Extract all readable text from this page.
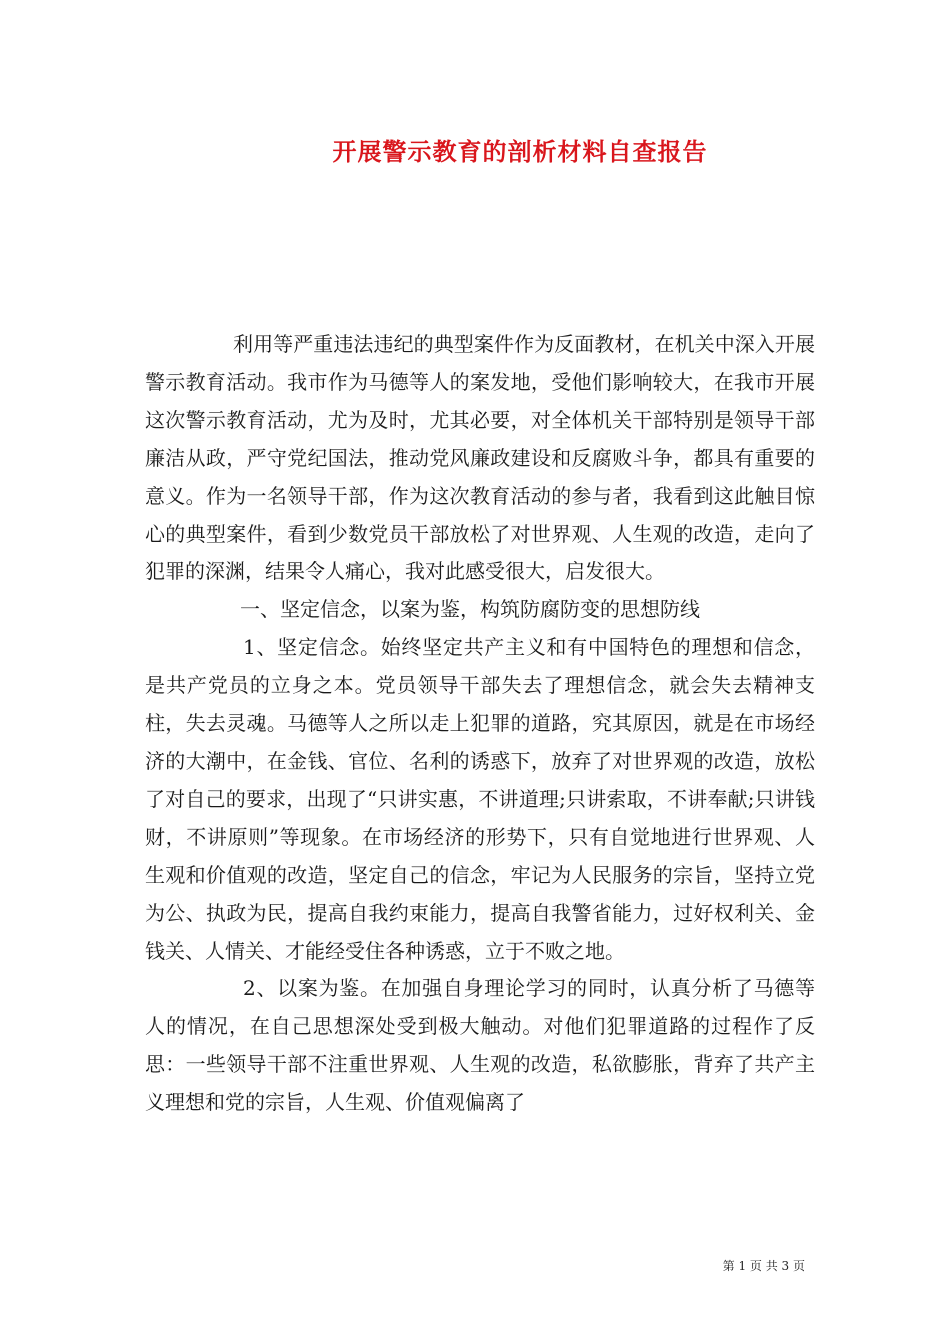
开展警示教育的剖析材料自查报告

利用等严重违法违纪的典型案件作为反面教材，在机关中深入开展警示教育活动。我市作为马德等人的案发地，受他们影响较大，在我市开展这次警示教育活动，尤为及时，尤其必要，对全体机关干部特别是领导干部廉洁从政，严守党纪国法，推动党风廉政建设和反腐败斗争，都具有重要的意义。作为一名领导干部，作为这次教育活动的参与者，我看到这此触目惊心的典型案件，看到少数党员干部放松了对世界观、人生观的改造，走向了犯罪的深渊，结果令人痛心，我对此感受很大，启发很大。

一、坚定信念，以案为鉴，构筑防腐防变的思想防线

1、坚定信念。始终坚定共产主义和有中国特色的理想和信念，是共产党员的立身之本。党员领导干部失去了理想信念，就会失去精神支柱，失去灵魂。马德等人之所以走上犯罪的道路，究其原因，就是在市场经济的大潮中，在金钱、官位、名利的诱惑下，放弃了对世界观的改造，放松了对自己的要求，出现了“只讲实惠，不讲道理;只讲索取，不讲奉献;只讲钱财，不讲原则”等现象。在市场经济的形势下，只有自觉地进行世界观、人生观和价值观的改造，坚定自己的信念，牢记为人民服务的宗旨，坚持立党为公、执政为民，提高自我约束能力，提高自我警省能力，过好权利关、金钱关、人情关、才能经受住各种诱惑，立于不败之地。

2、以案为鉴。在加强自身理论学习的同时，认真分析了马德等人的情况，在自己思想深处受到极大触动。对他们犯罪道路的过程作了反思：一些领导干部不注重世界观、人生观的改造，私欲膨胀，背弃了共产主义理想和党的宗旨，人生观、价值观偏离了

第 1 页 共 3 页
